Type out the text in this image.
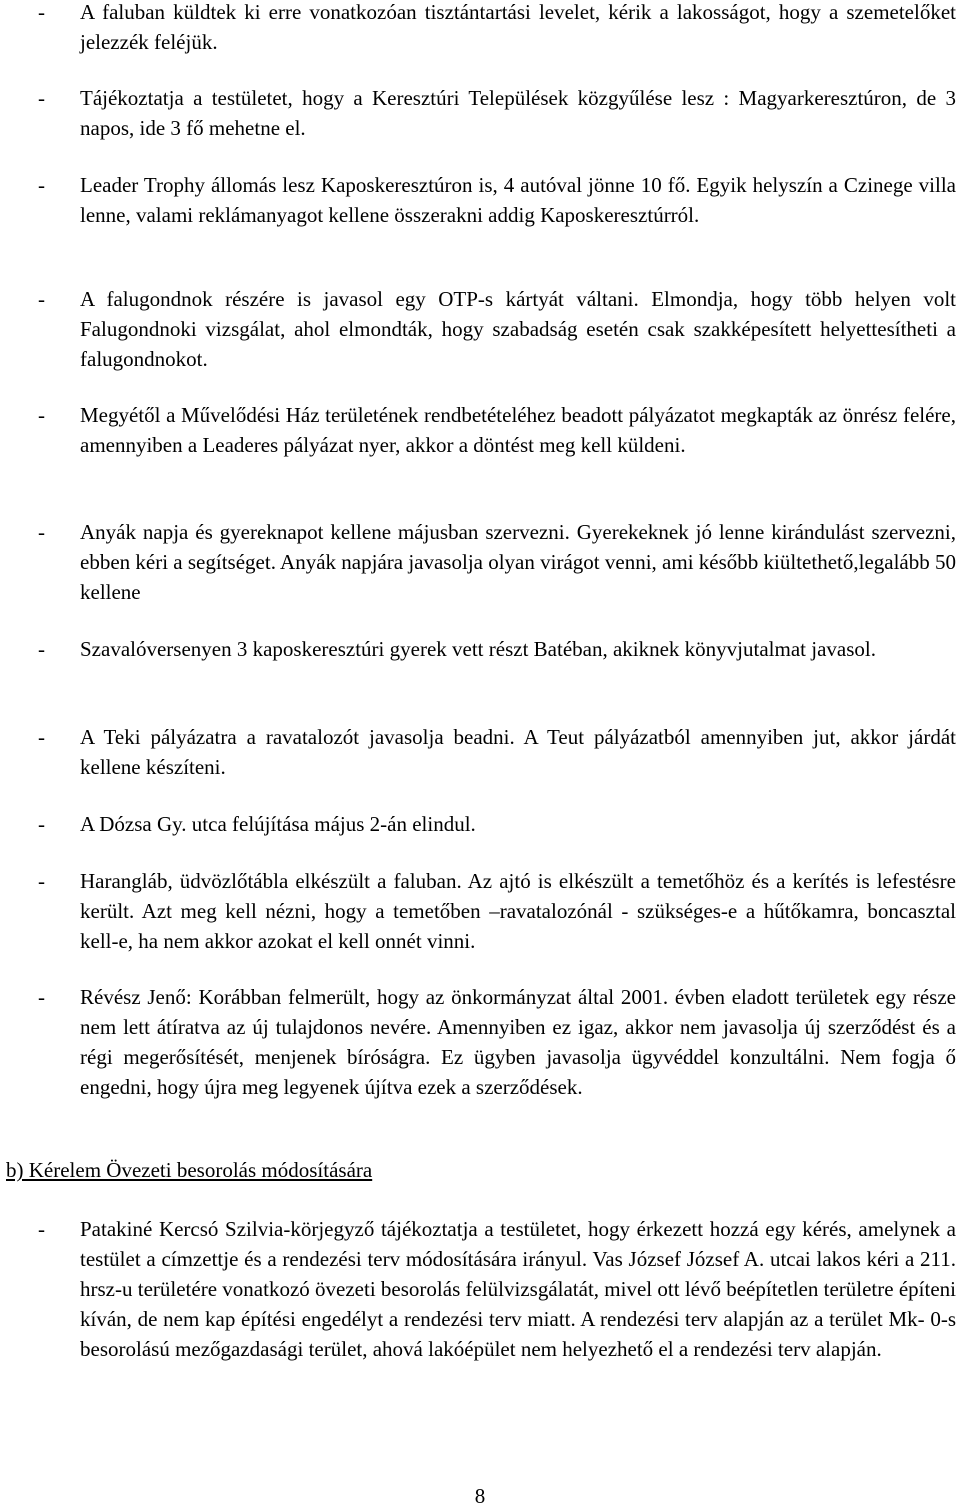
-	A faluban küldtek ki erre vonatkozóan tisztántartási levelet, kérik a lakosságot, hogy a szemetelőket jelezzék feléjük.
-	Tájékoztatja a testületet, hogy a Keresztúri Települések közgyűlése lesz : Magyarkeresztúron, de 3 napos, ide 3 fő mehetne el.
-	Leader Trophy állomás lesz Kaposkeresztúron is, 4 autóval jönne 10 fő. Egyik helyszín a Czinege villa lenne, valami reklámanyagot kellene összerakni addig Kaposkeresztúrról.
-	A falugondnok részére is javasol egy OTP-s kártyát váltani. Elmondja, hogy több helyen volt Falugondnoki vizsgálat, ahol elmondták, hogy szabadság esetén csak szakképesített helyettesítheti a falugondnokot.
-	Megyétől a Művelődési Ház területének rendbetételéhez beadott pályázatot megkapták az önrész felére, amennyiben a Leaderes pályázat nyer, akkor a döntést meg kell küldeni.
-	Anyák napja és gyereknapot kellene májusban szervezni. Gyerekeknek jó lenne kirándulást szervezni, ebben kéri a segítséget. Anyák napjára javasolja olyan virágot venni, ami később kiültethető,legalább 50 kellene
-	Szavalóversenyen 3 kaposkeresztúri gyerek vett részt Batéban, akiknek könyvjutalmat javasol.
-	A Teki pályázatra a ravatalozót javasolja beadni. A Teut pályázatból amennyiben jut, akkor járdát kellene készíteni.
-	A Dózsa Gy. utca felújítása május 2-án elindul.
-	Harangláb, üdvözlőtábla elkészült a faluban. Az ajtó is elkészült a temetőhöz és a kerítés is lefestésre került. Azt meg kell nézni, hogy a temetőben –ravatalozónál - szükséges-e a hűtőkamra, boncasztal kell-e, ha nem akkor azokat el kell onnét vinni.
-	Révész Jenő: Korábban felmerült, hogy az önkormányzat által 2001. évben eladott területek egy része nem lett átíratva az új tulajdonos nevére. Amennyiben ez igaz, akkor nem javasolja új szerződést és a régi megerősítését, menjenek bíróságra. Ez ügyben javasolja ügyvéddel konzultálni. Nem fogja ő engedni, hogy újra meg legyenek újítva ezek a szerződések.
b) Kérelem Övezeti besorolás módosítására
-	Patakiné Kercsó Szilvia-körjegyző tájékoztatja a testületet, hogy érkezett hozzá egy kérés, amelynek a testület a címzettje és a rendezési terv módosítására irányul. Vas József József A. utcai lakos kéri a 211. hrsz-u területére vonatkozó övezeti besorolás felülvizsgálatát, mivel ott lévő beépítetlen területre építeni kíván, de nem kap építési engedélyt a rendezési terv miatt. A rendezési terv alapján az a terület Mk- 0-s besorolású mezőgazdasági terület, ahová lakóépület nem helyezhető el a rendezési terv alapján.
8
